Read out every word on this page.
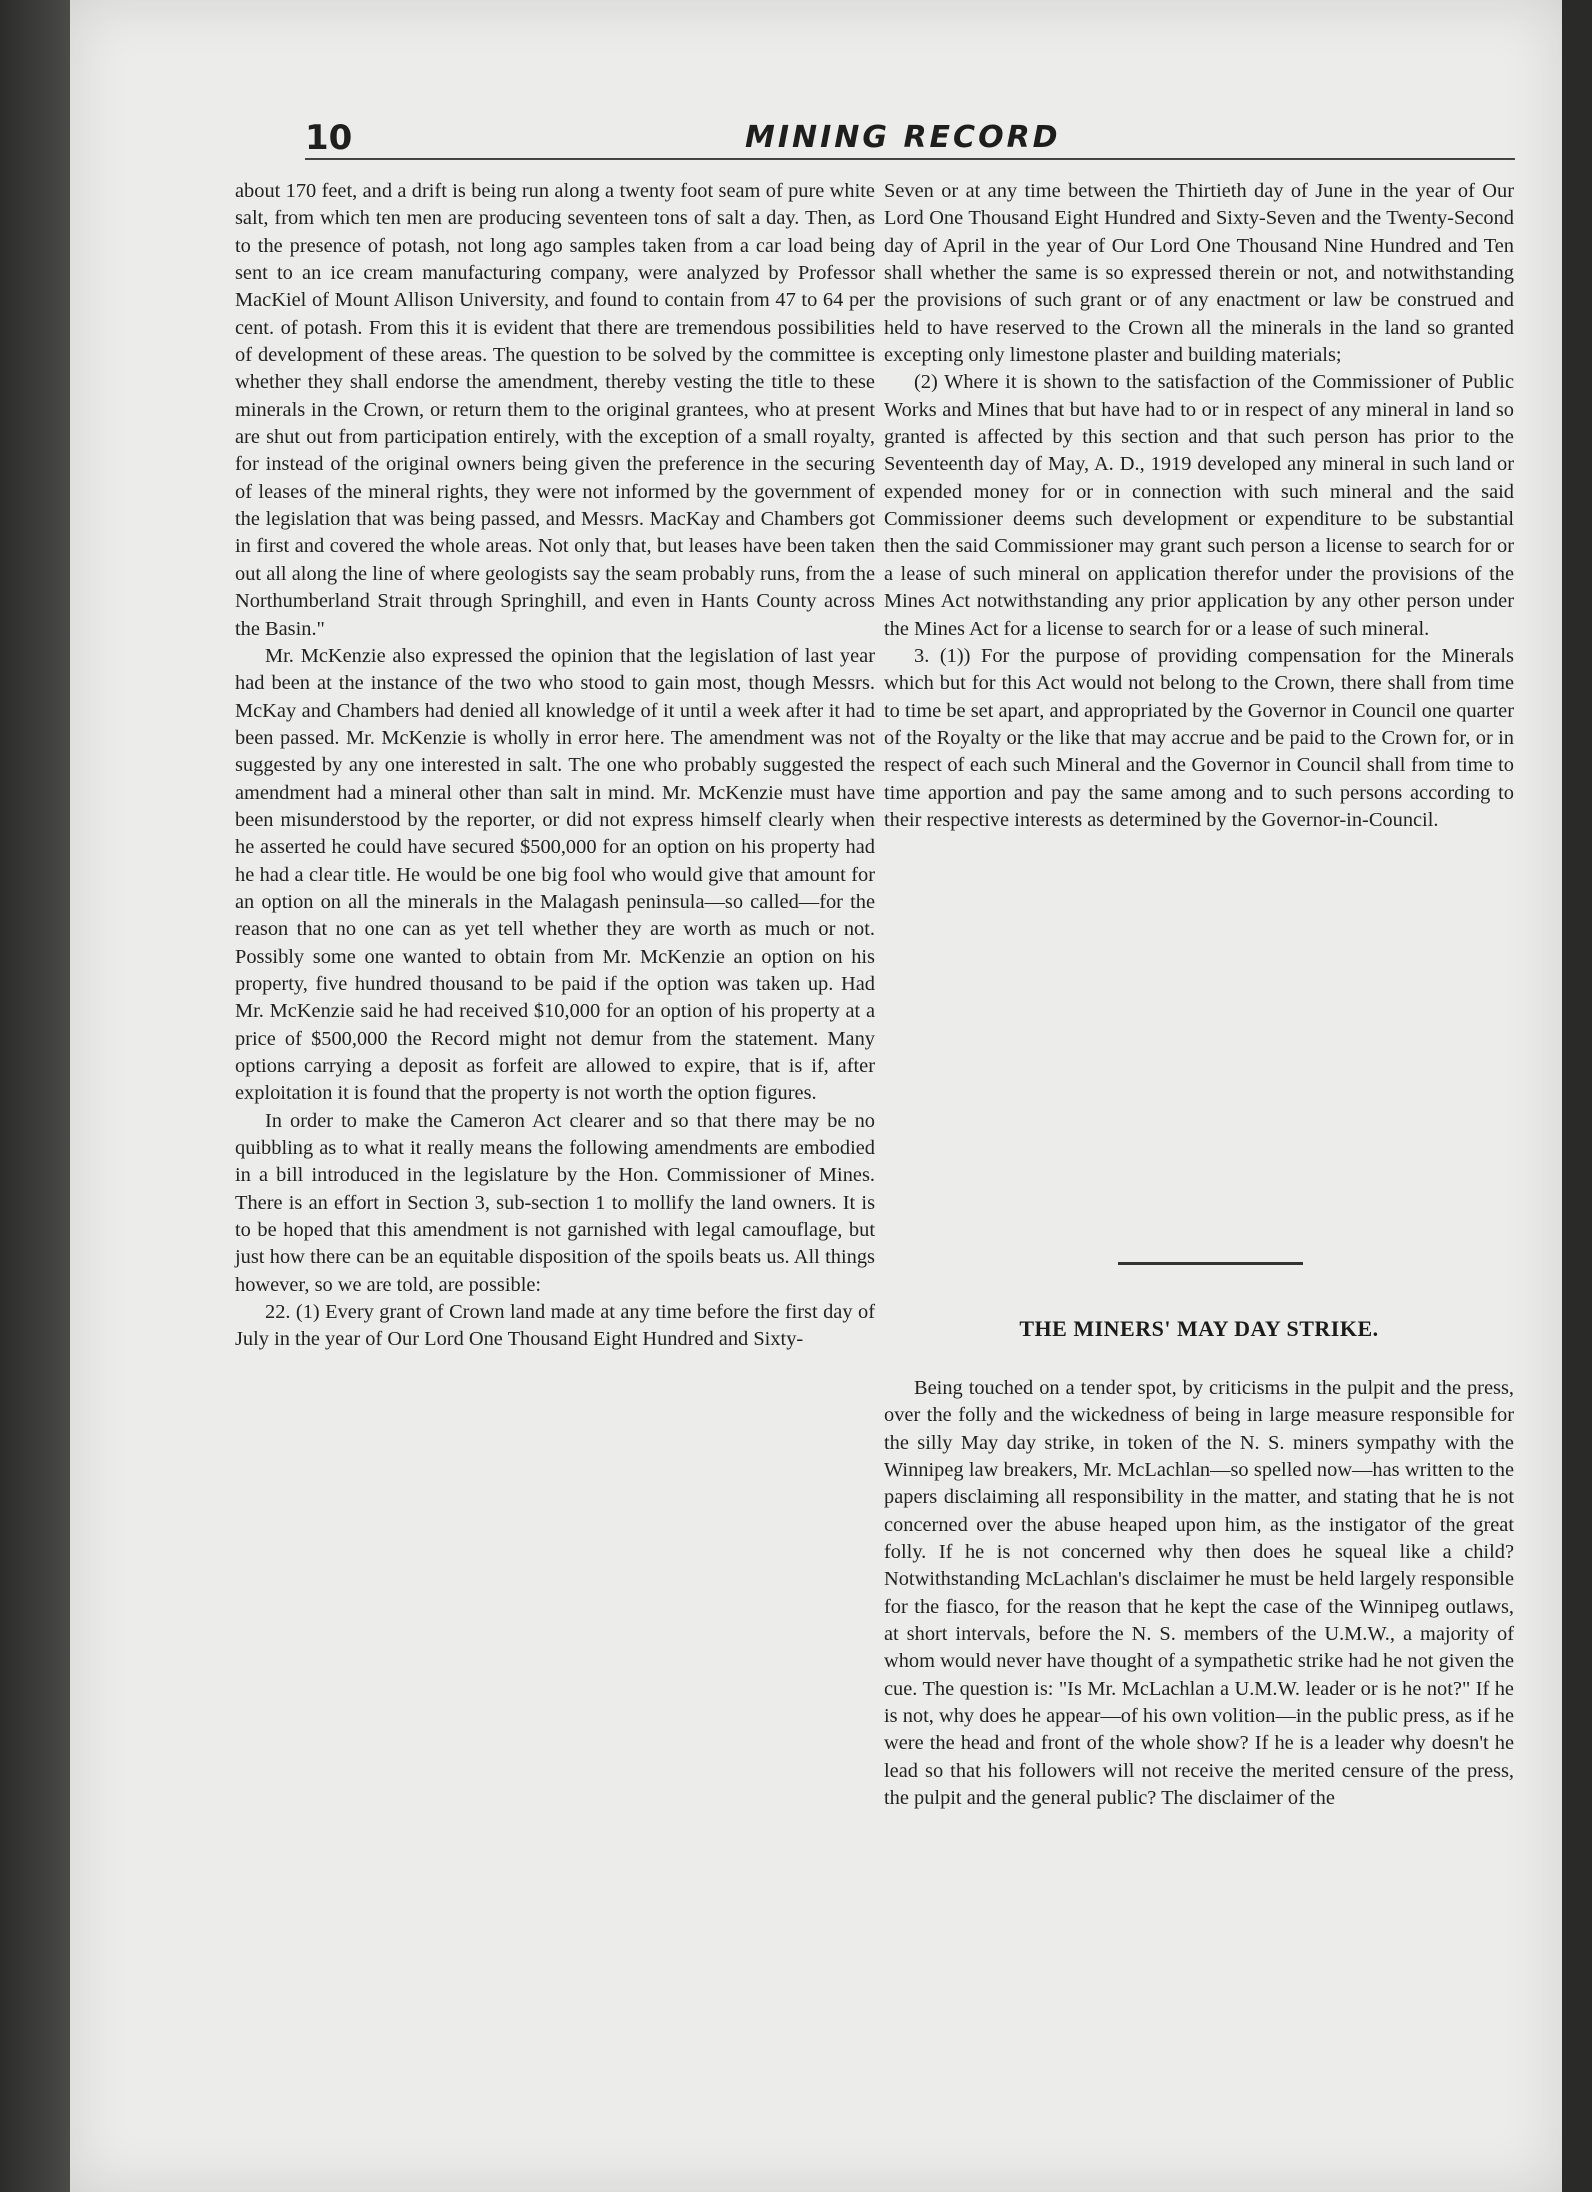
10	MINING RECORD

about 170 feet, and a drift is being run along a twenty foot seam of pure white salt, from which ten men are producing seventeen tons of salt a day. Then, as to the presence of potash, not long ago samples taken from a car load being sent to an ice cream manufacturing company, were analyzed by Professor MacKiel of Mount Allison University, and found to contain from 47 to 64 per cent. of potash. From this it is evident that there are tremendous possibilities of development of these areas. The question to be solved by the committee is whether they shall endorse the amendment, thereby vesting the title to these minerals in the Crown, or return them to the original grantees, who at present are shut out from participation entirely, with the exception of a small royalty, for instead of the original owners being given the preference in the securing of leases of the mineral rights, they were not informed by the government of the legislation that was being passed, and Messrs. MacKay and Chambers got in first and covered the whole areas. Not only that, but leases have been taken out all along the line of where geologists say the seam probably runs, from the Northumberland Strait through Springhill, and even in Hants County across the Basin."

Mr. McKenzie also expressed the opinion that the legislation of last year had been at the instance of the two who stood to gain most, though Messrs. McKay and Chambers had denied all knowledge of it until a week after it had been passed. Mr. McKenzie is wholly in error here. The amendment was not suggested by any one interested in salt. The one who probably suggested the amendment had a mineral other than salt in mind. Mr. McKenzie must have been misunderstood by the reporter, or did not express himself clearly when he asserted he could have secured $500,000 for an option on his property had he had a clear title. He would be one big fool who would give that amount for an option on all the minerals in the Malagash peninsula—so called—for the reason that no one can as yet tell whether they are worth as much or not. Possibly some one wanted to obtain from Mr. McKenzie an option on his property, five hundred thousand to be paid if the option was taken up. Had Mr. McKenzie said he had received $10,000 for an option of his property at a price of $500,000 the Record might not demur from the statement. Many options carrying a deposit as forfeit are allowed to expire, that is if, after exploitation it is found that the property is not worth the option figures.

In order to make the Cameron Act clearer and so that there may be no quibbling as to what it really means the following amendments are embodied in a bill introduced in the legislature by the Hon. Commissioner of Mines. There is an effort in Section 3, sub-section 1 to mollify the land owners. It is to be hoped that this amendment is not garnished with legal camouflage, but just how there can be an equitable disposition of the spoils beats us. All things however, so we are told, are possible:

22. (1) Every grant of Crown land made at any time before the first day of July in the year of Our Lord One Thousand Eight Hundred and Sixty-

Seven or at any time between the Thirtieth day of June in the year of Our Lord One Thousand Eight Hundred and Sixty-Seven and the Twenty-Second day of April in the year of Our Lord One Thousand Nine Hundred and Ten shall whether the same is so expressed therein or not, and notwithstanding the provisions of such grant or of any enactment or law be construed and held to have reserved to the Crown all the minerals in the land so granted excepting only limestone plaster and building materials;

(2) Where it is shown to the satisfaction of the Commissioner of Public Works and Mines that but have had to or in respect of any mineral in land so granted is affected by this section and that such person has prior to the Seventeenth day of May, A. D., 1919 developed any mineral in such land or expended money for or in connection with such mineral and the said Commissioner deems such development or expenditure to be substantial then the said Commissioner may grant such person a license to search for or a lease of such mineral on application therefor under the provisions of the Mines Act notwithstanding any prior application by any other person under the Mines Act for a license to search for or a lease of such mineral.

3. (1)) For the purpose of providing compensation for the Minerals which but for this Act would not belong to the Crown, there shall from time to time be set apart, and appropriated by the Governor in Council one quarter of the Royalty or the like that may accrue and be paid to the Crown for, or in respect of each such Mineral and the Governor in Council shall from time to time apportion and pay the same among and to such persons according to their respective interests as determined by the Governor-in-Council.

THE MINERS' MAY DAY STRIKE.

Being touched on a tender spot, by criticisms in the pulpit and the press, over the folly and the wickedness of being in large measure responsible for the silly May day strike, in token of the N. S. miners sympathy with the Winnipeg law breakers, Mr. McLachlan—so spelled now—has written to the papers disclaiming all responsibility in the matter, and stating that he is not concerned over the abuse heaped upon him, as the instigator of the great folly. If he is not concerned why then does he squeal like a child? Notwithstanding McLachlan's disclaimer he must be held largely responsible for the fiasco, for the reason that he kept the case of the Winnipeg outlaws, at short intervals, before the N. S. members of the U.M.W., a majority of whom would never have thought of a sympathetic strike had he not given the cue. The question is: "Is Mr. McLachlan a U.M.W. leader or is he not?" If he is not, why does he appear—of his own volition—in the public press, as if he were the head and front of the whole show? If he is a leader why doesn't he lead so that his followers will not receive the merited censure of the press, the pulpit and the general public? The disclaimer of the
